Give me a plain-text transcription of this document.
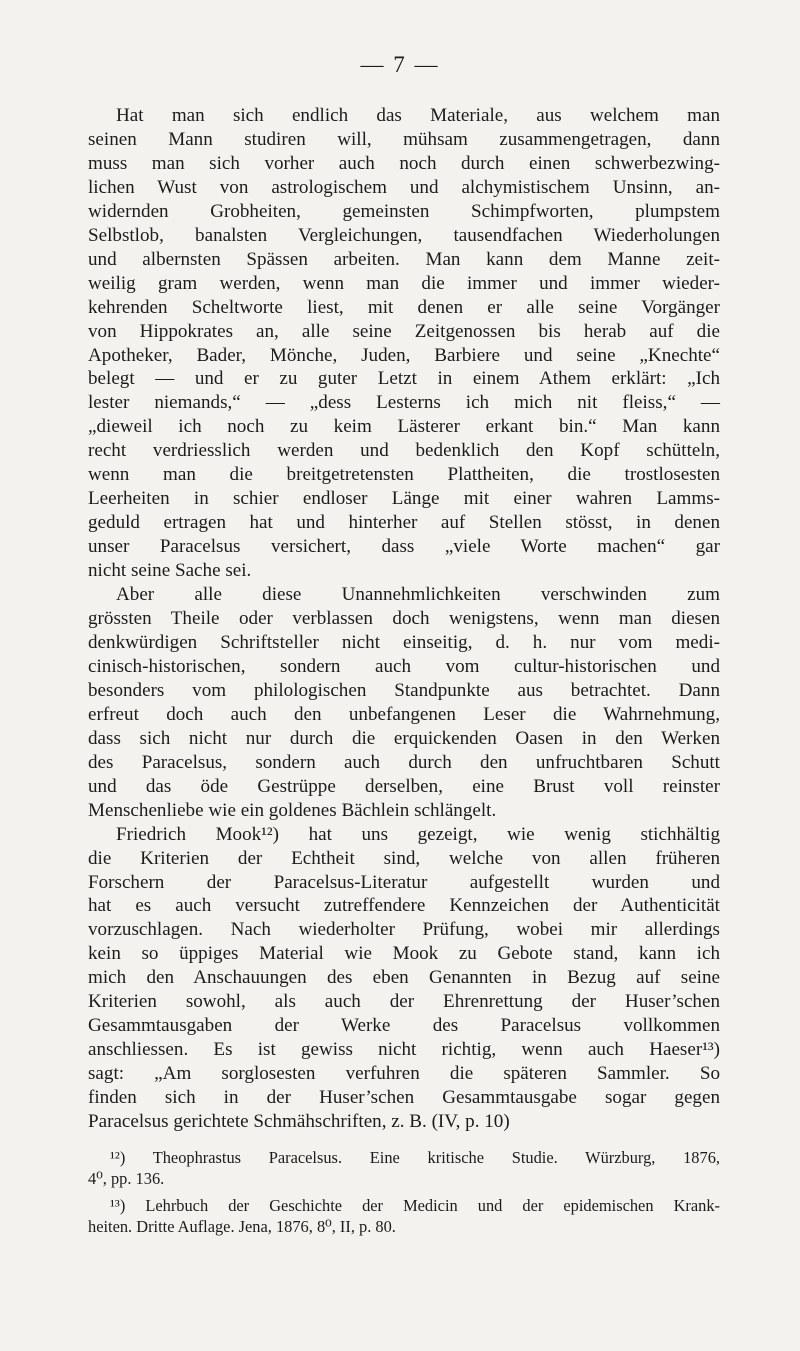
— 7 —
Hat man sich endlich das Materiale, aus welchem man
seinen Mann studiren will, mühsam zusammengetragen, dann
muss man sich vorher auch noch durch einen schwerbezwing-
lichen Wust von astrologischem und alchymistischem Unsinn, an-
widernden Grobheiten, gemeinsten Schimpfworten, plumpstem
Selbstlob, banalsten Vergleichungen, tausendfachen Wiederholungen
und albernsten Spässen arbeiten. Man kann dem Manne zeit-
weilig gram werden, wenn man die immer und immer wieder-
kehrenden Scheltworte liest, mit denen er alle seine Vorgänger
von Hippokrates an, alle seine Zeitgenossen bis herab auf die
Apotheker, Bader, Mönche, Juden, Barbiere und seine „Knechte“
belegt — und er zu guter Letzt in einem Athem erklärt: „Ich
lester niemands,“ — „dess Lesterns ich mich nit fleiss,“ —
„dieweil ich noch zu keim Lästerer erkant bin.“ Man kann
recht verdriesslich werden und bedenklich den Kopf schütteln,
wenn man die breitgetretensten Plattheiten, die trostlosesten
Leerheiten in schier endloser Länge mit einer wahren Lamms-
geduld ertragen hat und hinterher auf Stellen stösst, in denen
unser Paracelsus versichert, dass „viele Worte machen“ gar
nicht seine Sache sei.
Aber alle diese Unannehmlichkeiten verschwinden zum
grössten Theile oder verblassen doch wenigstens, wenn man diesen
denkwürdigen Schriftsteller nicht einseitig, d. h. nur vom medi-
cinisch-historischen, sondern auch vom cultur-historischen und
besonders vom philologischen Standpunkte aus betrachtet. Dann
erfreut doch auch den unbefangenen Leser die Wahrnehmung,
dass sich nicht nur durch die erquickenden Oasen in den Werken
des Paracelsus, sondern auch durch den unfruchtbaren Schutt
und das öde Gestrüppe derselben, eine Brust voll reinster
Menschenliebe wie ein goldenes Bächlein schlängelt.
Friedrich Mook¹²) hat uns gezeigt, wie wenig stichhältig
die Kriterien der Echtheit sind, welche von allen früheren
Forschern der Paracelsus-Literatur aufgestellt wurden und
hat es auch versucht zutreffendere Kennzeichen der Authenticität
vorzuschlagen. Nach wiederholter Prüfung, wobei mir allerdings
kein so üppiges Material wie Mook zu Gebote stand, kann ich
mich den Anschauungen des eben Genannten in Bezug auf seine
Kriterien sowohl, als auch der Ehrenrettung der Huser’schen
Gesammtausgaben der Werke des Paracelsus vollkommen
anschliessen. Es ist gewiss nicht richtig, wenn auch Haeser¹³)
sagt: „Am sorglosesten verfuhren die späteren Sammler. So
finden sich in der Huser’schen Gesammtausgabe sogar gegen
Paracelsus gerichtete Schmähschriften, z. B. (IV, p. 10)
¹²) Theophrastus Paracelsus. Eine kritische Studie. Würzburg, 1876,
4⁰, pp. 136.
¹³) Lehrbuch der Geschichte der Medicin und der epidemischen Krank-
heiten. Dritte Auflage. Jena, 1876, 8⁰, II, p. 80.
